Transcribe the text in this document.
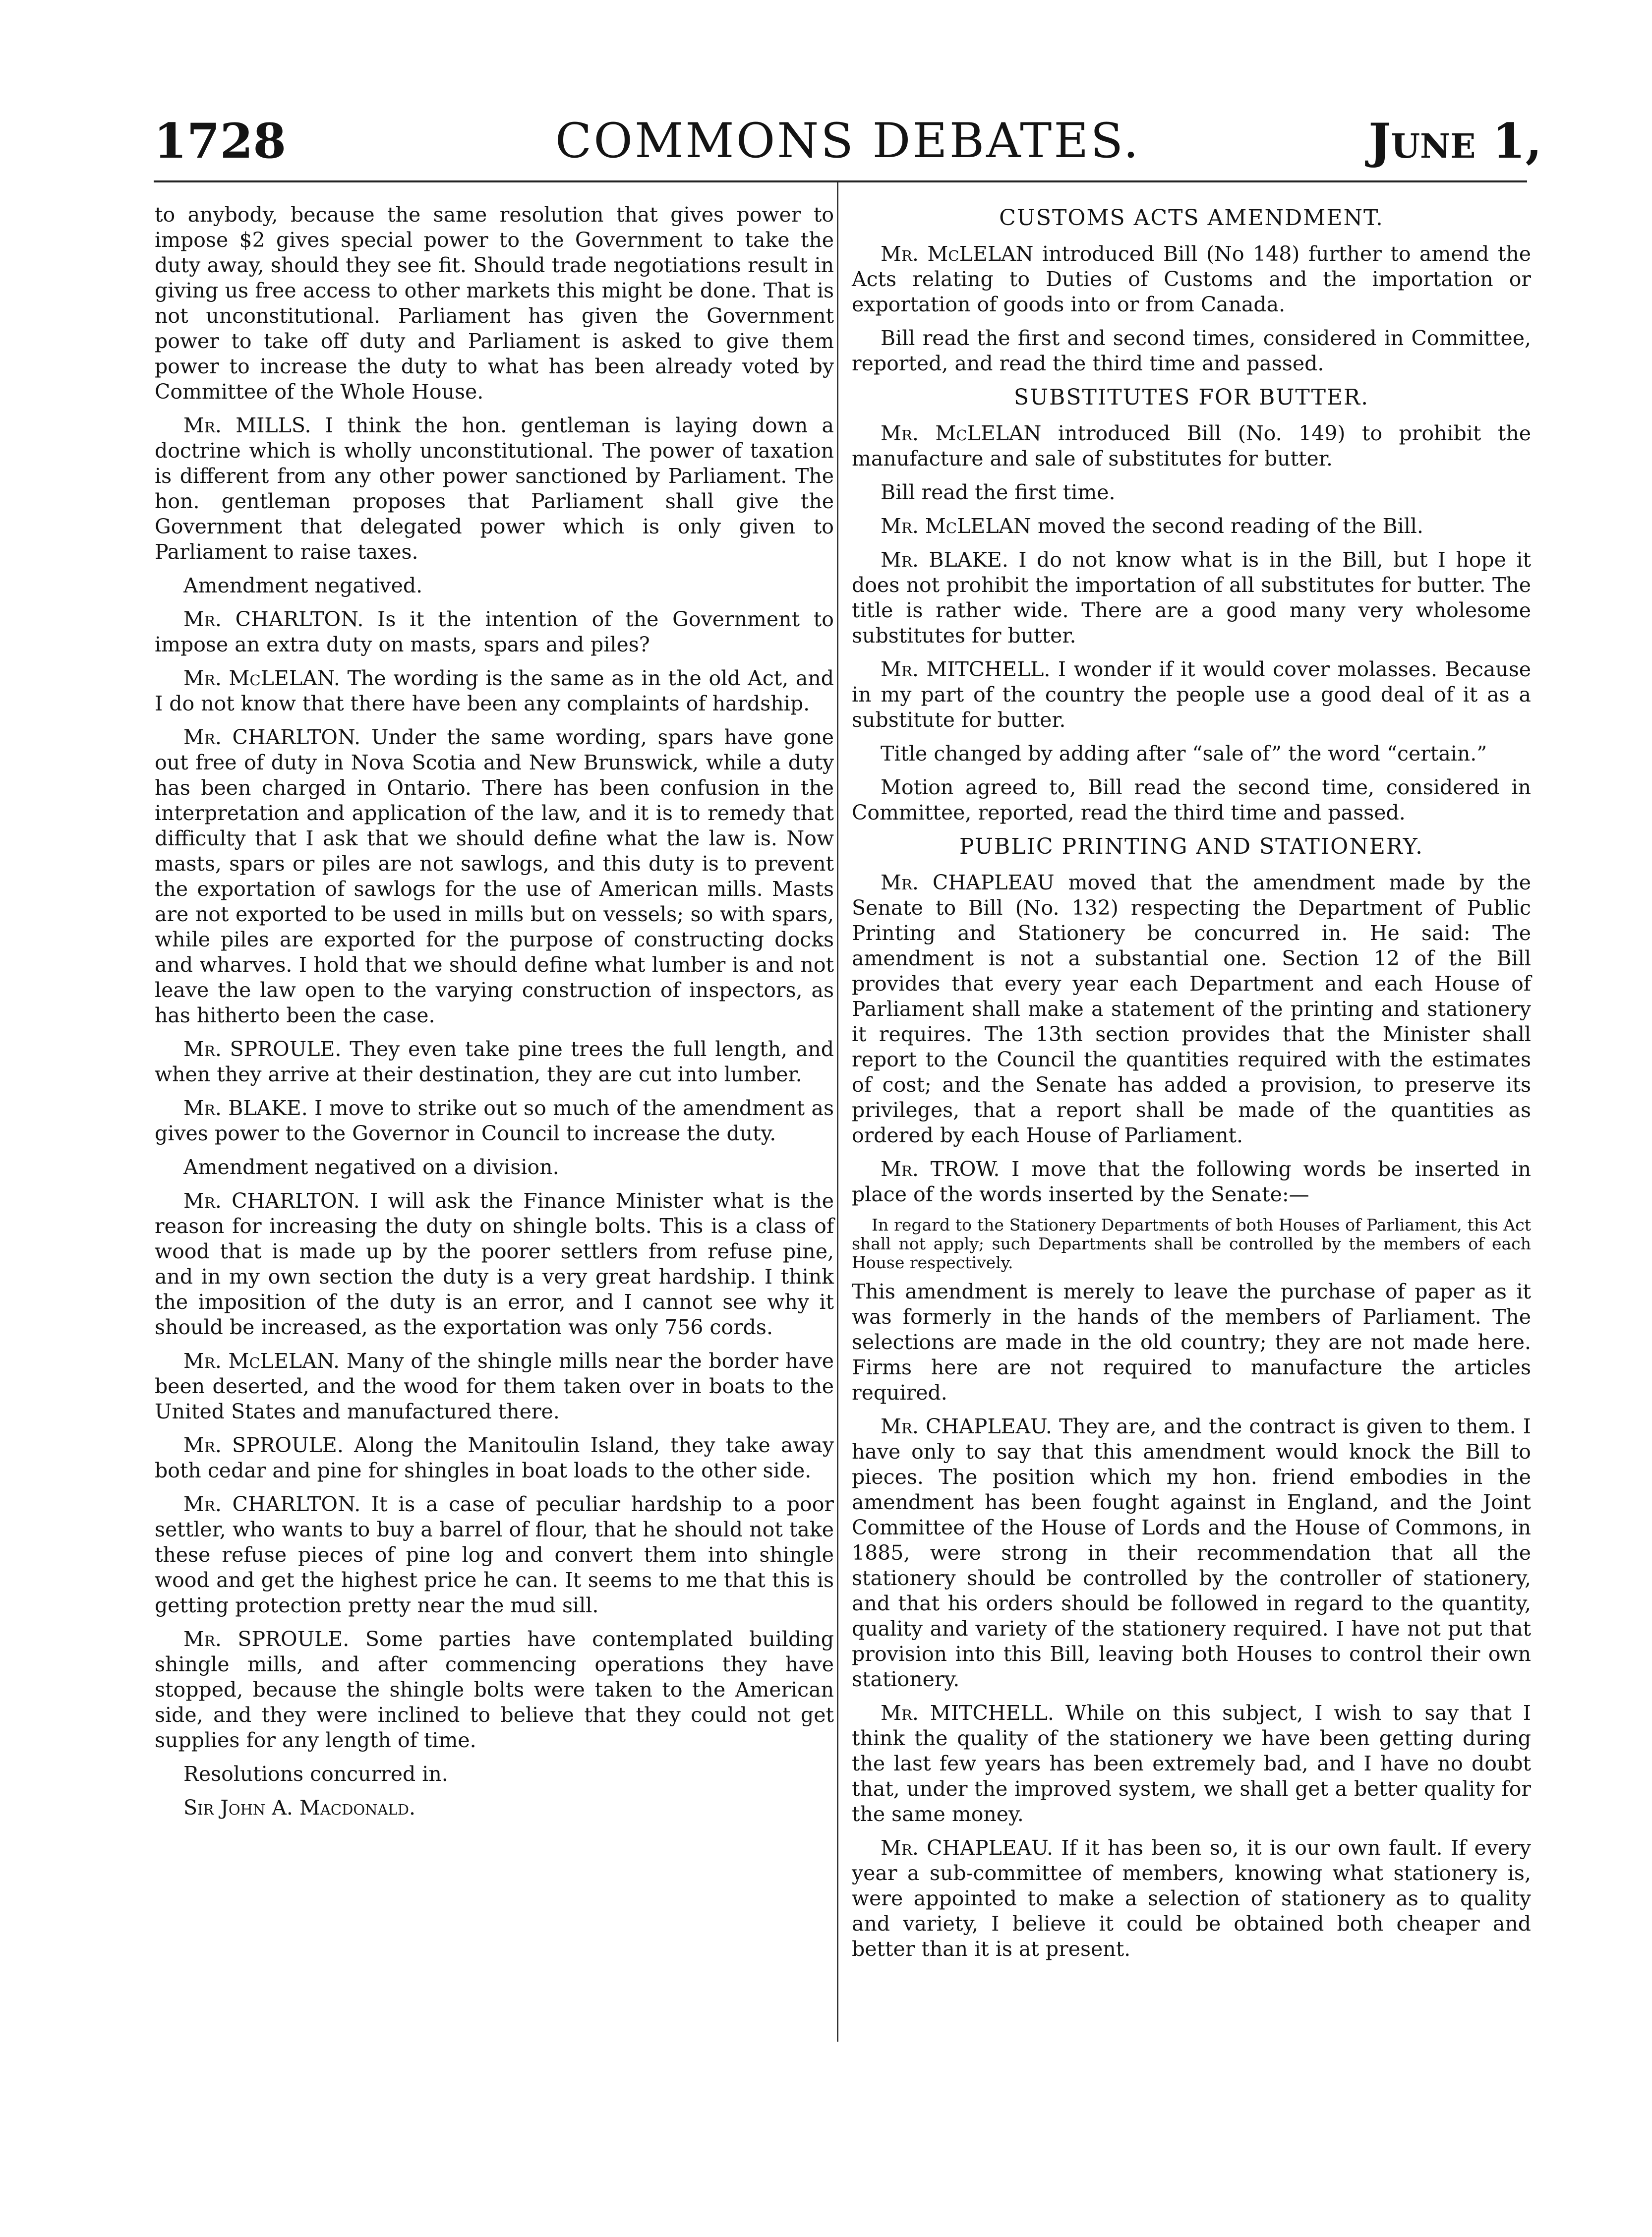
1728	COMMONS DEBATES.	June 1,

to anybody, because the same resolution that gives power to impose $2 gives special power to the Government to take the duty away, should they see fit. Should trade negotiations result in giving us free access to other markets this might be done. That is not unconstitutional. Parliament has given the Government power to take off duty and Parliament is asked to give them power to increase the duty to what has been already voted by Committee of the Whole House.

Mr. MILLS. I think the hon. gentleman is laying down a doctrine which is wholly unconstitutional. The power of taxation is different from any other power sanctioned by Parliament. The hon. gentleman proposes that Parliament shall give the Government that delegated power which is only given to Parliament to raise taxes.

Amendment negatived.

Mr. CHARLTON. Is it the intention of the Government to impose an extra duty on masts, spars and piles?

Mr. McLELAN. The wording is the same as in the old Act, and I do not know that there have been any complaints of hardship.

Mr. CHARLTON. Under the same wording, spars have gone out free of duty in Nova Scotia and New Brunswick, while a duty has been charged in Ontario. There has been confusion in the interpretation and application of the law, and it is to remedy that difficulty that I ask that we should define what the law is. Now masts, spars or piles are not sawlogs, and this duty is to prevent the exportation of sawlogs for the use of American mills. Masts are not exported to be used in mills but on vessels; so with spars, while piles are exported for the purpose of constructing docks and wharves. I hold that we should define what lumber is and not leave the law open to the varying construction of inspectors, as has hitherto been the case.

Mr. SPROULE. They even take pine trees the full length, and when they arrive at their destination, they are cut into lumber.

Mr. BLAKE. I move to strike out so much of the amendment as gives power to the Governor in Council to increase the duty.

Amendment negatived on a division.

Mr. CHARLTON. I will ask the Finance Minister what is the reason for increasing the duty on shingle bolts. This is a class of wood that is made up by the poorer settlers from refuse pine, and in my own section the duty is a very great hardship. I think the imposition of the duty is an error, and I cannot see why it should be increased, as the exportation was only 756 cords.

Mr. McLELAN. Many of the shingle mills near the border have been deserted, and the wood for them taken over in boats to the United States and manufactured there.

Mr. SPROULE. Along the Manitoulin Island, they take away both cedar and pine for shingles in boat loads to the other side.

Mr. CHARLTON. It is a case of peculiar hardship to a poor settler, who wants to buy a barrel of flour, that he should not take these refuse pieces of pine log and convert them into shingle wood and get the highest price he can. It seems to me that this is getting protection pretty near the mud sill.

Mr. SPROULE. Some parties have contemplated building shingle mills, and after commencing operations they have stopped, because the shingle bolts were taken to the American side, and they were inclined to believe that they could not get supplies for any length of time.

Resolutions concurred in.

Sir John A. Macdonald.

CUSTOMS ACTS AMENDMENT.

Mr. McLELAN introduced Bill (No 148) further to amend the Acts relating to Duties of Customs and the importation or exportation of goods into or from Canada.

Bill read the first and second times, considered in Committee, reported, and read the third time and passed.

SUBSTITUTES FOR BUTTER.

Mr. McLELAN introduced Bill (No. 149) to prohibit the manufacture and sale of substitutes for butter.

Bill read the first time.

Mr. McLELAN moved the second reading of the Bill.

Mr. BLAKE. I do not know what is in the Bill, but I hope it does not prohibit the importation of all substitutes for butter. The title is rather wide. There are a good many very wholesome substitutes for butter.

Mr. MITCHELL. I wonder if it would cover molasses. Because in my part of the country the people use a good deal of it as a substitute for butter.

Title changed by adding after “sale of” the word “certain.”

Motion agreed to, Bill read the second time, considered in Committee, reported, read the third time and passed.

PUBLIC PRINTING AND STATIONERY.

Mr. CHAPLEAU moved that the amendment made by the Senate to Bill (No. 132) respecting the Department of Public Printing and Stationery be concurred in. He said: The amendment is not a substantial one. Section 12 of the Bill provides that every year each Department and each House of Parliament shall make a statement of the printing and stationery it requires. The 13th section provides that the Minister shall report to the Council the quantities required with the estimates of cost; and the Senate has added a provision, to preserve its privileges, that a report shall be made of the quantities as ordered by each House of Parliament.

Mr. TROW. I move that the following words be inserted in place of the words inserted by the Senate:—

In regard to the Stationery Departments of both Houses of Parliament, this Act shall not apply; such Departments shall be controlled by the members of each House respectively.

This amendment is merely to leave the purchase of paper as it was formerly in the hands of the members of Parliament. The selections are made in the old country; they are not made here. Firms here are not required to manufacture the articles required.

Mr. CHAPLEAU. They are, and the contract is given to them. I have only to say that this amendment would knock the Bill to pieces. The position which my hon. friend embodies in the amendment has been fought against in England, and the Joint Committee of the House of Lords and the House of Commons, in 1885, were strong in their recommendation that all the stationery should be controlled by the controller of stationery, and that his orders should be followed in regard to the quantity, quality and variety of the stationery required. I have not put that provision into this Bill, leaving both Houses to control their own stationery.

Mr. MITCHELL. While on this subject, I wish to say that I think the quality of the stationery we have been getting during the last few years has been extremely bad, and I have no doubt that, under the improved system, we shall get a better quality for the same money.

Mr. CHAPLEAU. If it has been so, it is our own fault. If every year a sub-committee of members, knowing what stationery is, were appointed to make a selection of stationery as to quality and variety, I believe it could be obtained both cheaper and better than it is at present.
